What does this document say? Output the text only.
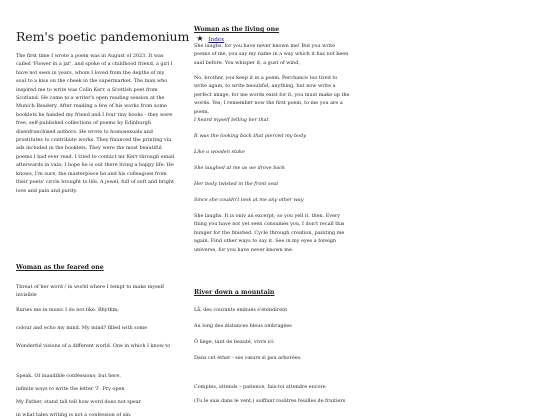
Rem's poetic pandemonium ★ Index

The first time I wrote a poem was in August of 2023. It was called 'Flower in a jar', and spoke of a childhood friend, a girl I have not seen in years, whom I loved from the depths of my soul to a kiss on the cheek in the supermarket. The man who inspired me to write was Colin Kerr, a Scottish poet from Scotland. He came to a writer's open reading session at the Munich Readery. After reading a few of his works from some booklets he handed my friend and I four tiny books - they were free, self-published collections of poems by Edinburgh disenfranchised authors. He wrote to homosexuals and prostitutes to contribute works. They financed the printing via ads included in the booklets. They were the most beautiful poems I had ever read. I tried to contact mr Kerr through email afterwards in vain; I hope he is out there living a happy life. He knows, I'm sure, the masterpiece he and his colleagues from their poets' circle brought to life. A jewel, full of soft and bright love and pain and purity.

Woman as the feared one

Threat of her word / in world where I tempt to make myself invisible

Buries me in music I do not like. Rhythm;

colour and echo my mind. My mind? filled with some

Wonderful visions of a different world. One in which I know to

Speak. Of inaudible confessions; but here,

infinite ways to write the letter 'I'. Pry open

My Father, stand tall tell how word does not spear

in what tales writing is not a confession of sin.

Woman as the living one

She laughs, for you have never known me! But you write poems of me, you say my name in a way which it has not been said before. You whisper it, a gust of wind,

No, brother, you keep it in a poem. Perchance too tired to write again, to write beautiful, anything, but now write a perfect image, for me words exist for it, you must make up the words. Yes; I remember now the first poem, to me you are a poem.

I heard myself telling her that

It was the looking back that pierced my body

Like a wooden stake

She laughed at me as we drove back

Her body twisted in the front seat

Since she couldn't look at me any other way

She laughs. It is only an excerpt; so you yell it, then. Every thing you have not yet seen consumes you, I don't recall this hunger for the finished. Cycle through creation, painting me again. Find other ways to say it. See in my eyes a foreign universe, for you have never known me.

River down a mountain

Lå, des courants embués s'étendirent

Au long des distances bleus ombragées

Ô liège, tant de beauté, vivre ici

Dans cet éther - ses cœurs si peu arborées.

Comptes, attends – patience, fais-toi attendre encore

(Tu le sais dans le vent,) soiffant rosâtres feuilles de fruitiers
